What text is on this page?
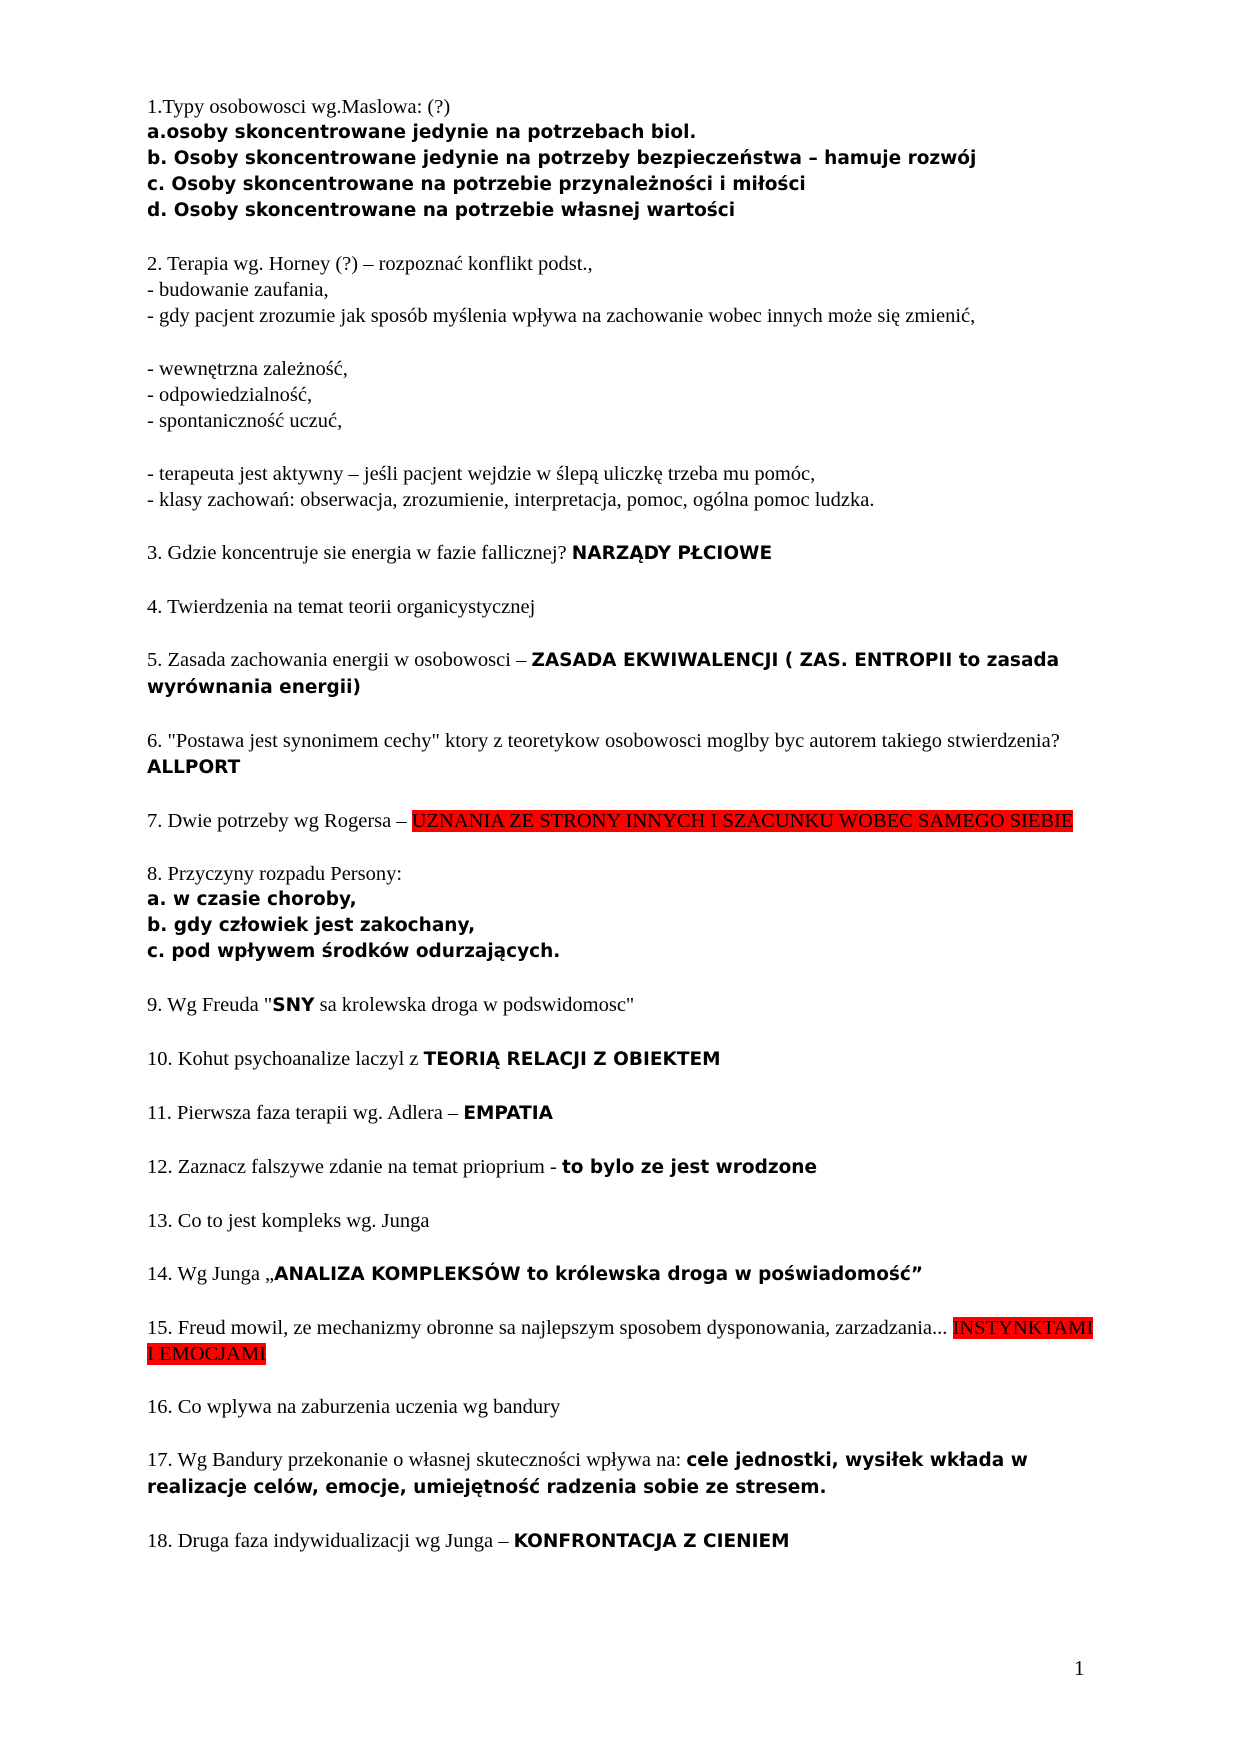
1.Typy osobowosci wg.Maslowa: (?)

a.osoby skoncentrowane jedynie na potrzebach biol.

b. Osoby skoncentrowane jedynie na potrzeby bezpieczeństwa – hamuje rozwój

c. Osoby skoncentrowane na potrzebie przynależności i miłości

d. Osoby skoncentrowane na potrzebie własnej wartości

2. Terapia wg. Horney (?) – rozpoznać konflikt podst.,

- budowanie zaufania,

- gdy pacjent zrozumie jak sposób myślenia wpływa na zachowanie wobec innych może się zmienić,

- wewnętrzna zależność,

- odpowiedzialność,

- spontaniczność uczuć,

- terapeuta jest aktywny – jeśli pacjent wejdzie w ślepą uliczkę trzeba mu pomóc,

- klasy zachowań: obserwacja, zrozumienie, interpretacja, pomoc, ogólna pomoc ludzka.

3. Gdzie koncentruje sie energia w fazie fallicznej? NARZĄDY PŁCIOWE

4. Twierdzenia na temat teorii organicystycznej

5. Zasada zachowania energii w osobowosci – ZASADA EKWIWALENCJI ( ZAS. ENTROPII to zasada wyrównania energii)

6. "Postawa jest synonimem cechy" ktory z teoretykow osobowosci moglby byc autorem takiego stwierdzenia? ALLPORT

7. Dwie potrzeby wg Rogersa – UZNANIA ZE STRONY INNYCH I SZACUNKU WOBEC SAMEGO SIEBIE

8. Przyczyny rozpadu Persony:

a. w czasie choroby,

b. gdy człowiek jest zakochany,

c. pod wpływem środków odurzających.

9. Wg Freuda "SNY sa krolewska droga w podswidomosc"

10. Kohut psychoanalize laczyl z TEORIĄ RELACJI Z OBIEKTEM

11. Pierwsza faza terapii wg. Adlera – EMPATIA

12. Zaznacz falszywe zdanie na temat prioprium - to bylo ze jest wrodzone

13. Co to jest kompleks wg. Junga

14. Wg Junga „ANALIZA KOMPLEKSÓW to królewska droga w poświadomość”

15. Freud mowil, ze mechanizmy obronne sa najlepszym sposobem dysponowania, zarzadzania... INSTYNKTAMI I EMOCJAMI

16. Co wplywa na zaburzenia uczenia wg bandury

17. Wg Bandury przekonanie o własnej skuteczności wpływa na: cele jednostki, wysiłek wkłada w realizacje celów, emocje, umiejętność radzenia sobie ze stresem.

18. Druga faza indywidualizacji wg Junga – KONFRONTACJA Z CIENIEM

1
